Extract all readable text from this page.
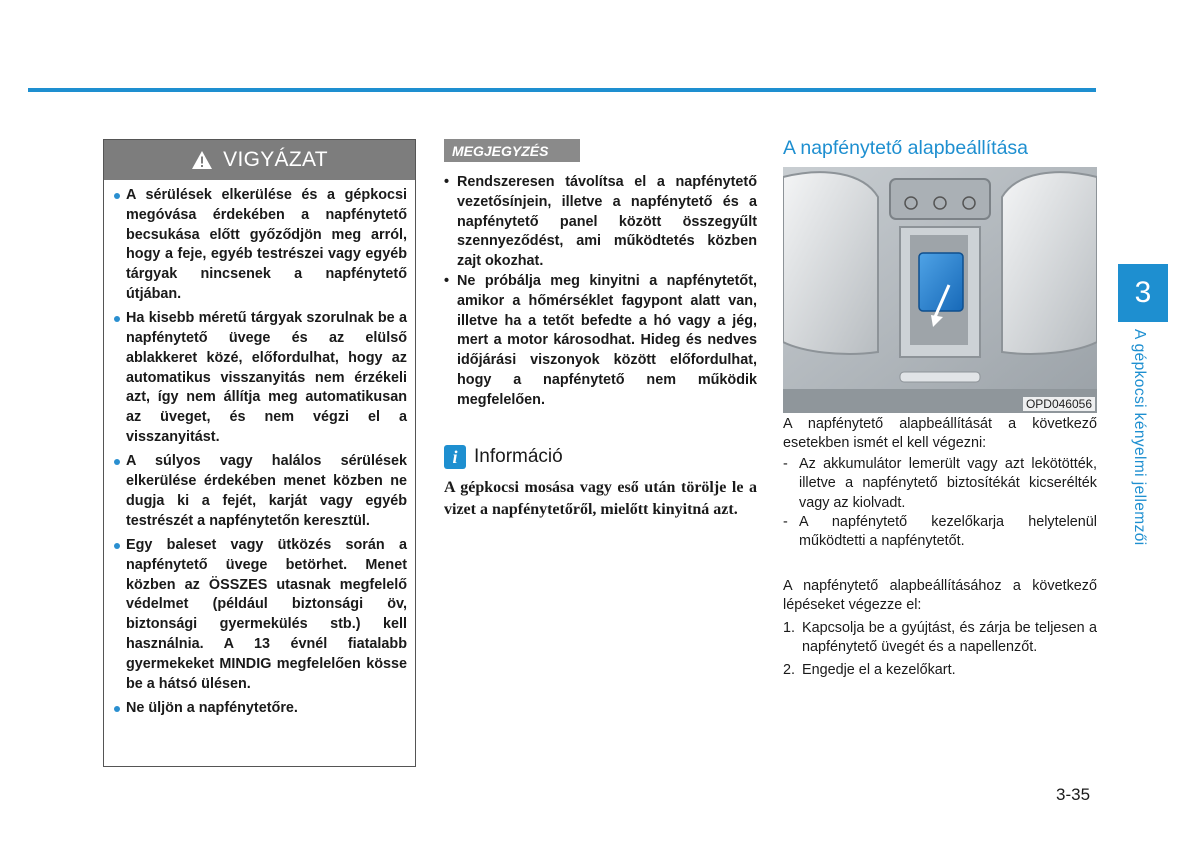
VIGYÁZAT
A sérülések elkerülése és a gépkocsi megóvása érdekében a napfénytető becsukása előtt győződjön meg arról, hogy a feje, egyéb testrészei vagy egyéb tárgyak nincsenek a napfénytető útjában.
Ha kisebb méretű tárgyak szorulnak be a napfénytető üvege és az elülső ablakkeret közé, előfordulhat, hogy az automatikus visszanyitás nem érzékeli azt, így nem állítja meg automatikusan az üveget, és nem végzi el a visszanyitást.
A súlyos vagy halálos sérülések elkerülése érdekében menet közben ne dugja ki a fejét, karját vagy egyéb testrészét a napfénytetőn keresztül.
Egy baleset vagy ütközés során a napfénytető üvege betörhet. Menet közben az ÖSSZES utasnak megfelelő védelmet (például biztonsági öv, biztonsági gyermekülés stb.) kell használnia. A 13 évnél fiatalabb gyermekeket MINDIG megfelelően kösse be a hátsó ülésen.
Ne üljön a napfénytetőre.
MEGJEGYZÉS
• Rendszeresen távolítsa el a napfénytető vezetősínjein, illetve a napfénytető és a napfénytető panel között összegyűlt szennyeződést, ami működtetés közben zajt okozhat.
• Ne próbálja meg kinyitni a napfénytetőt, amikor a hőmérséklet fagypont alatt van, illetve ha a tetőt befedte a hó vagy a jég, mert a motor károsodhat. Hideg és nedves időjárási viszonyok között előfordulhat, hogy a napfénytető nem működik megfelelően.
i Információ
A gépkocsi mosása vagy eső után törölje le a vizet a napfénytetőről, mielőtt kinyitná azt.
A napfénytető alapbeállítása
OPD046056
A napfénytető alapbeállítását a következő esetekben ismét el kell végezni:
- Az akkumulátor lemerült vagy azt lekötötték, illetve a napfénytető biztosítékát kicserélték vagy az kiolvadt.
- A napfénytető kezelőkarja helytelenül működtetti a napfénytetőt.
A napfénytető alapbeállításához a következő lépéseket végezze el:
1. Kapcsolja be a gyújtást, és zárja be teljesen a napfénytető üvegét és a napellenzőt.
2. Engedje el a kezelőkart.
3
A gépkocsi kényelmi jellemzői
3-35
